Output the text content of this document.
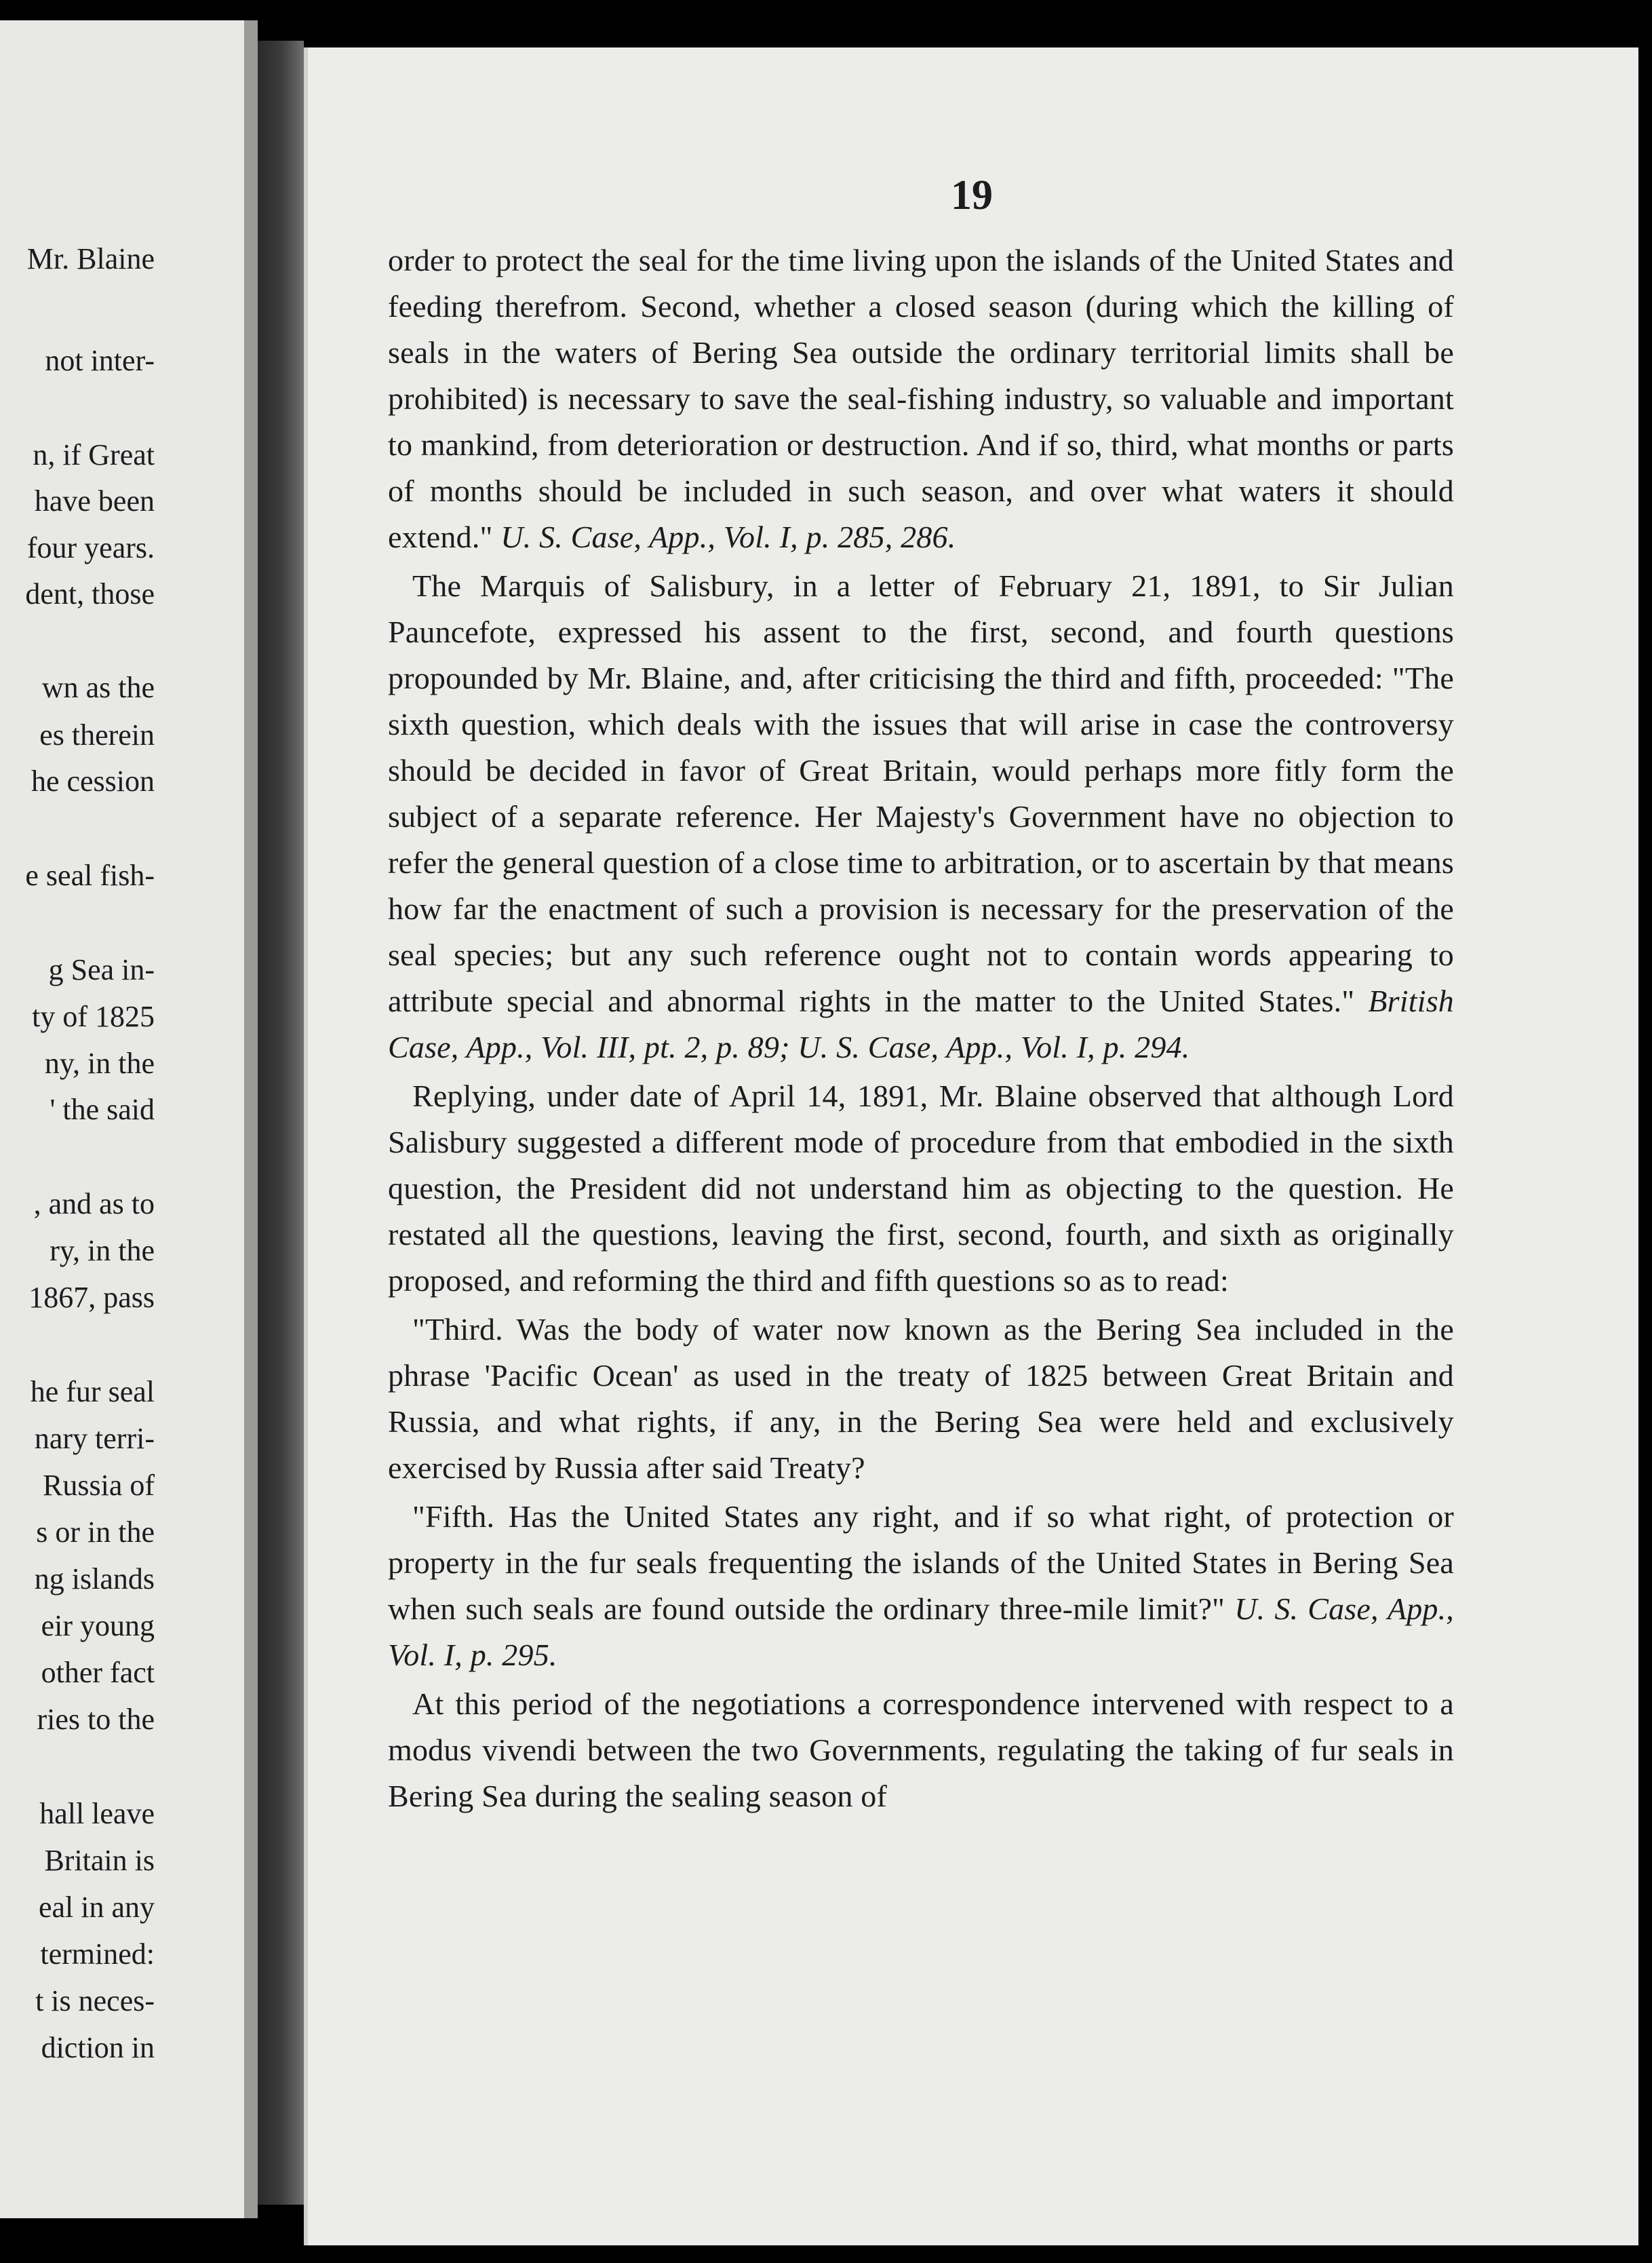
Mr. Blaine
not inter-
n, if Great
have been
four years.
dent, those
wn as the
es therein
he cession
e seal fish-
g Sea in-
ty of 1825
ny, in the
' the said
, and as to
ry, in the
1867, pass
he fur seal
nary terri-
Russia of
s or in the
ng islands
eir young
other fact
ries to the
hall leave
Britain is
eal in any
termined:
t is neces-
diction in
19

order to protect the seal for the time living upon the islands of the United States and feeding therefrom. Second, whether a closed season (during which the killing of seals in the waters of Bering Sea outside the ordinary territorial limits shall be prohibited) is necessary to save the seal-fishing industry, so valuable and important to mankind, from deterioration or destruction. And if so, third, what months or parts of months should be included in such season, and over what waters it should extend." U. S. Case, App., Vol. I, p. 285, 286.

The Marquis of Salisbury, in a letter of February 21, 1891, to Sir Julian Pauncefote, expressed his assent to the first, second, and fourth questions propounded by Mr. Blaine, and, after criticising the third and fifth, proceeded: "The sixth question, which deals with the issues that will arise in case the controversy should be decided in favor of Great Britain, would perhaps more fitly form the subject of a separate reference. Her Majesty's Government have no objection to refer the general question of a close time to arbitration, or to ascertain by that means how far the enactment of such a provision is necessary for the preservation of the seal species; but any such reference ought not to contain words appearing to attribute special and abnormal rights in the matter to the United States." British Case, App., Vol. III, pt. 2, p. 89; U. S. Case, App., Vol. I, p. 294.

Replying, under date of April 14, 1891, Mr. Blaine observed that although Lord Salisbury suggested a different mode of procedure from that embodied in the sixth question, the President did not understand him as objecting to the question. He restated all the questions, leaving the first, second, fourth, and sixth as originally proposed, and reforming the third and fifth questions so as to read:

"Third. Was the body of water now known as the Bering Sea included in the phrase 'Pacific Ocean' as used in the treaty of 1825 between Great Britain and Russia, and what rights, if any, in the Bering Sea were held and exclusively exercised by Russia after said Treaty?

"Fifth. Has the United States any right, and if so what right, of protection or property in the fur seals frequenting the islands of the United States in Bering Sea when such seals are found outside the ordinary three-mile limit?" U. S. Case, App., Vol. I, p. 295.

At this period of the negotiations a correspondence intervened with respect to a modus vivendi between the two Governments, regulating the taking of fur seals in Bering Sea during the sealing season of
